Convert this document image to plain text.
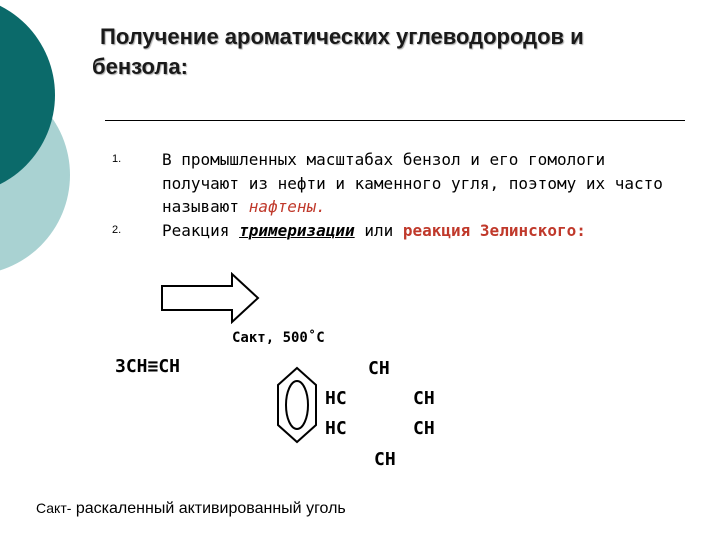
Получение ароматических углеводородов и
бензола:
1.	В промышленных масштабах бензол и его гомологи получают из нефти и каменного угля, поэтому их часто называют нафтены.
2.	Реакция тримеризации или реакция Зелинского:
Сакт, 500˚С
3СН≡СН	СН
НС	СН
НС	СН
СН
Сакт- раскаленный активированный уголь
